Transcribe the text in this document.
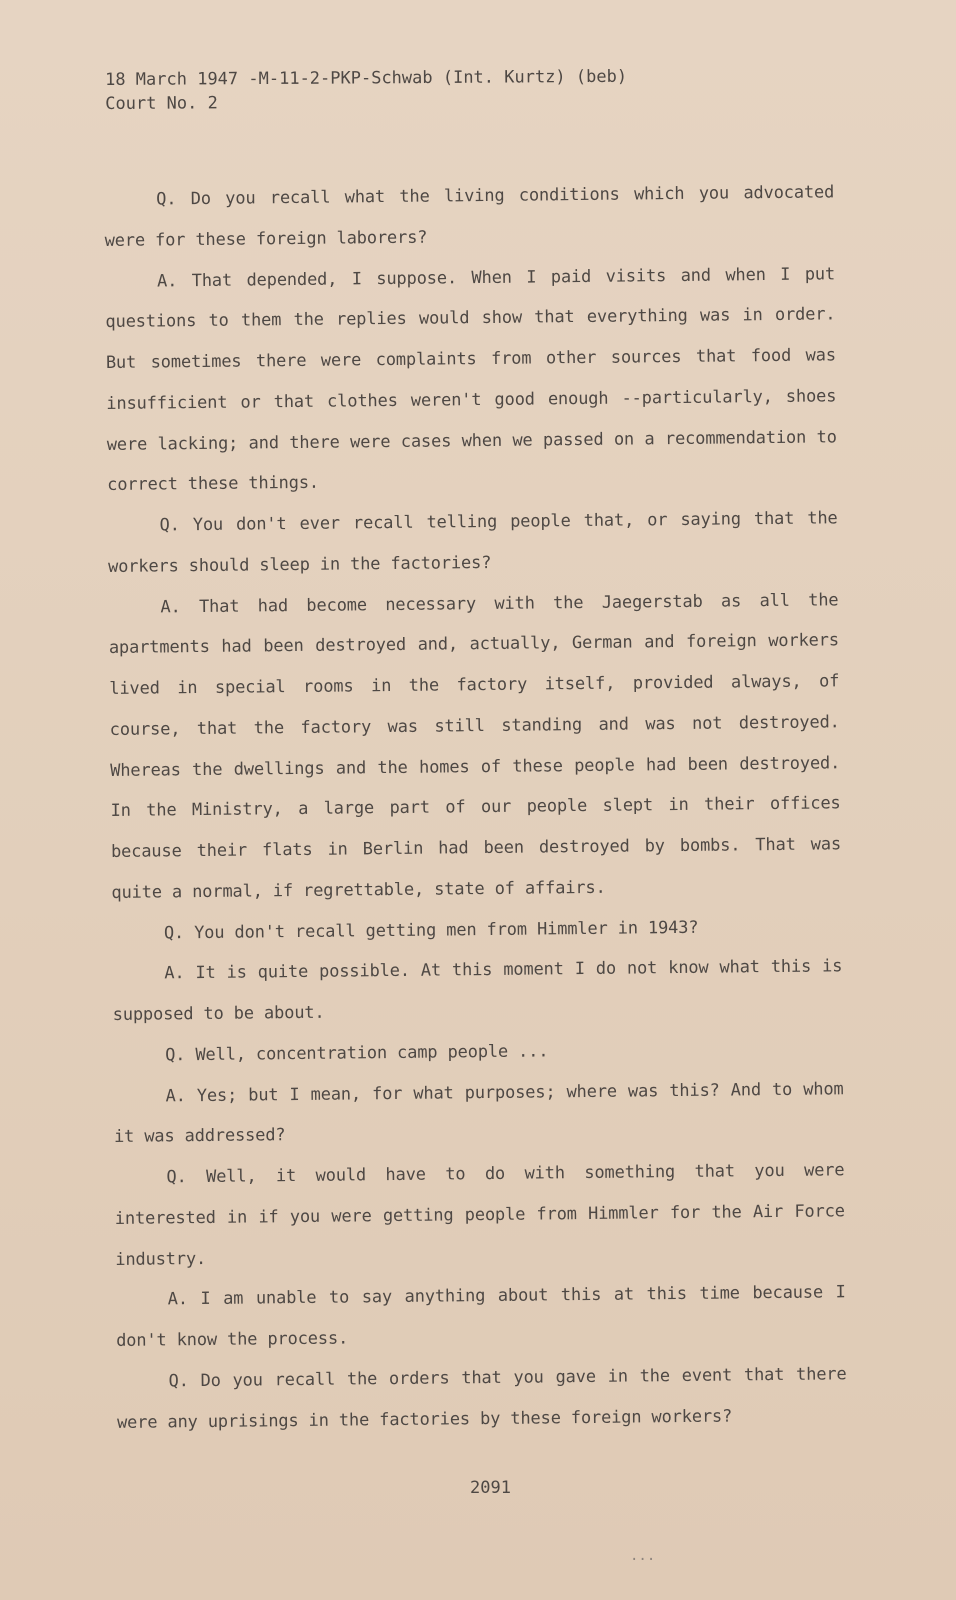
18 March 1947 -M-11-2-PKP-Schwab (Int. Kurtz) (beb)
Court No. 2

Q. Do you recall what the living conditions which you advocated were for these foreign laborers?

A. That depended, I suppose. When I paid visits and when I put questions to them the replies would show that everything was in order. But sometimes there were complaints from other sources that food was insufficient or that clothes weren't good enough --particularly, shoes were lacking; and there were cases when we passed on a recommendation to correct these things.

Q. You don't ever recall telling people that, or saying that the workers should sleep in the factories?

A. That had become necessary with the Jaegerstab as all the apartments had been destroyed and, actually, German and foreign workers lived in special rooms in the factory itself, provided always, of course, that the factory was still standing and was not destroyed. Whereas the dwellings and the homes of these people had been destroyed. In the Ministry, a large part of our people slept in their offices because their flats in Berlin had been destroyed by bombs. That was quite a normal, if regrettable, state of affairs.

Q. You don't recall getting men from Himmler in 1943?

A. It is quite possible. At this moment I do not know what this is supposed to be about.

Q. Well, concentration camp people ...

A. Yes; but I mean, for what purposes; where was this? And to whom it was addressed?

Q. Well, it would have to do with something that you were interested in if you were getting people from Himmler for the Air Force industry.

A. I am unable to say anything about this at this time because I don't know the process.

Q. Do you recall the orders that you gave in the event that there were any uprisings in the factories by these foreign workers?

2091
...
